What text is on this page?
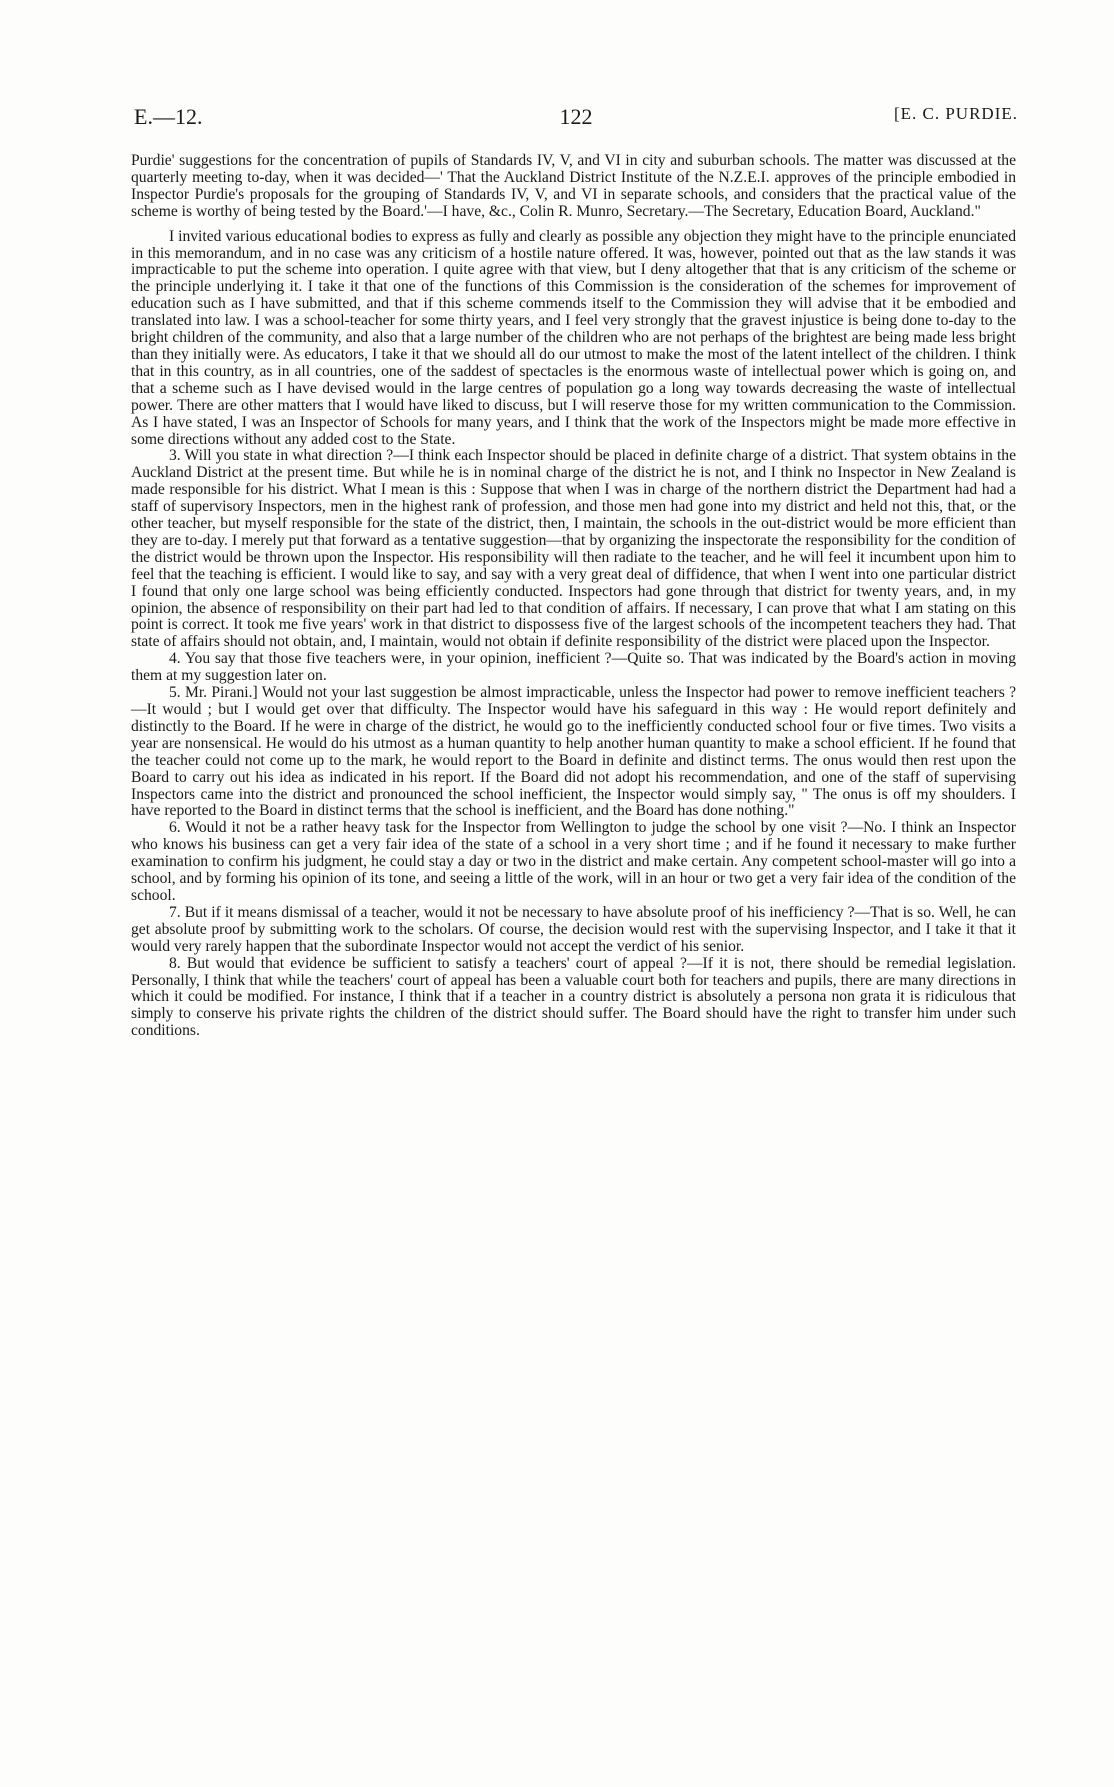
E.—12.	122	[E. C. PURDIE.

Purdie' suggestions for the concentration of pupils of Standards IV, V, and VI in city and suburban schools. The matter was discussed at the quarterly meeting to-day, when it was decided—' That the Auckland District Institute of the N.Z.E.I. approves of the principle embodied in Inspector Purdie's proposals for the grouping of Standards IV, V, and VI in separate schools, and considers that the practical value of the scheme is worthy of being tested by the Board.'—I have, &c., Colin R. Munro, Secretary.—The Secretary, Education Board, Auckland."

I invited various educational bodies to express as fully and clearly as possible any objection they might have to the principle enunciated in this memorandum, and in no case was any criticism of a hostile nature offered. It was, however, pointed out that as the law stands it was impracticable to put the scheme into operation. I quite agree with that view, but I deny altogether that that is any criticism of the scheme or the principle underlying it. I take it that one of the functions of this Commission is the consideration of the schemes for improvement of education such as I have submitted, and that if this scheme commends itself to the Commission they will advise that it be embodied and translated into law. I was a school-teacher for some thirty years, and I feel very strongly that the gravest injustice is being done to-day to the bright children of the community, and also that a large number of the children who are not perhaps of the brightest are being made less bright than they initially were. As educators, I take it that we should all do our utmost to make the most of the latent intellect of the children. I think that in this country, as in all countries, one of the saddest of spectacles is the enormous waste of intellectual power which is going on, and that a scheme such as I have devised would in the large centres of population go a long way towards decreasing the waste of intellectual power. There are other matters that I would have liked to discuss, but I will reserve those for my written communication to the Commission. As I have stated, I was an Inspector of Schools for many years, and I think that the work of the Inspectors might be made more effective in some directions without any added cost to the State.

3. Will you state in what direction ?—I think each Inspector should be placed in definite charge of a district. That system obtains in the Auckland District at the present time. But while he is in nominal charge of the district he is not, and I think no Inspector in New Zealand is made responsible for his district. What I mean is this : Suppose that when I was in charge of the northern district the Department had had a staff of supervisory Inspectors, men in the highest rank of profession, and those men had gone into my district and held not this, that, or the other teacher, but myself responsible for the state of the district, then, I maintain, the schools in the out-district would be more efficient than they are to-day. I merely put that forward as a tentative suggestion—that by organizing the inspectorate the responsibility for the condition of the district would be thrown upon the Inspector. His responsibility will then radiate to the teacher, and he will feel it incumbent upon him to feel that the teaching is efficient. I would like to say, and say with a very great deal of diffidence, that when I went into one particular district I found that only one large school was being efficiently conducted. Inspectors had gone through that district for twenty years, and, in my opinion, the absence of responsibility on their part had led to that condition of affairs. If necessary, I can prove that what I am stating on this point is correct. It took me five years' work in that district to dispossess five of the largest schools of the incompetent teachers they had. That state of affairs should not obtain, and, I maintain, would not obtain if definite responsibility of the district were placed upon the Inspector.

4. You say that those five teachers were, in your opinion, inefficient ?—Quite so. That was indicated by the Board's action in moving them at my suggestion later on.

5. Mr. Pirani.] Would not your last suggestion be almost impracticable, unless the Inspector had power to remove inefficient teachers ?—It would ; but I would get over that difficulty. The Inspector would have his safeguard in this way : He would report definitely and distinctly to the Board. If he were in charge of the district, he would go to the inefficiently conducted school four or five times. Two visits a year are nonsensical. He would do his utmost as a human quantity to help another human quantity to make a school efficient. If he found that the teacher could not come up to the mark, he would report to the Board in definite and distinct terms. The onus would then rest upon the Board to carry out his idea as indicated in his report. If the Board did not adopt his recommendation, and one of the staff of supervising Inspectors came into the district and pronounced the school inefficient, the Inspector would simply say, " The onus is off my shoulders. I have reported to the Board in distinct terms that the school is inefficient, and the Board has done nothing."

6. Would it not be a rather heavy task for the Inspector from Wellington to judge the school by one visit ?—No. I think an Inspector who knows his business can get a very fair idea of the state of a school in a very short time ; and if he found it necessary to make further examination to confirm his judgment, he could stay a day or two in the district and make certain. Any competent school-master will go into a school, and by forming his opinion of its tone, and seeing a little of the work, will in an hour or two get a very fair idea of the condition of the school.

7. But if it means dismissal of a teacher, would it not be necessary to have absolute proof of his inefficiency ?—That is so. Well, he can get absolute proof by submitting work to the scholars. Of course, the decision would rest with the supervising Inspector, and I take it that it would very rarely happen that the subordinate Inspector would not accept the verdict of his senior.

8. But would that evidence be sufficient to satisfy a teachers' court of appeal ?—If it is not, there should be remedial legislation. Personally, I think that while the teachers' court of appeal has been a valuable court both for teachers and pupils, there are many directions in which it could be modified. For instance, I think that if a teacher in a country district is absolutely a persona non grata it is ridiculous that simply to conserve his private rights the children of the district should suffer. The Board should have the right to transfer him under such conditions.
